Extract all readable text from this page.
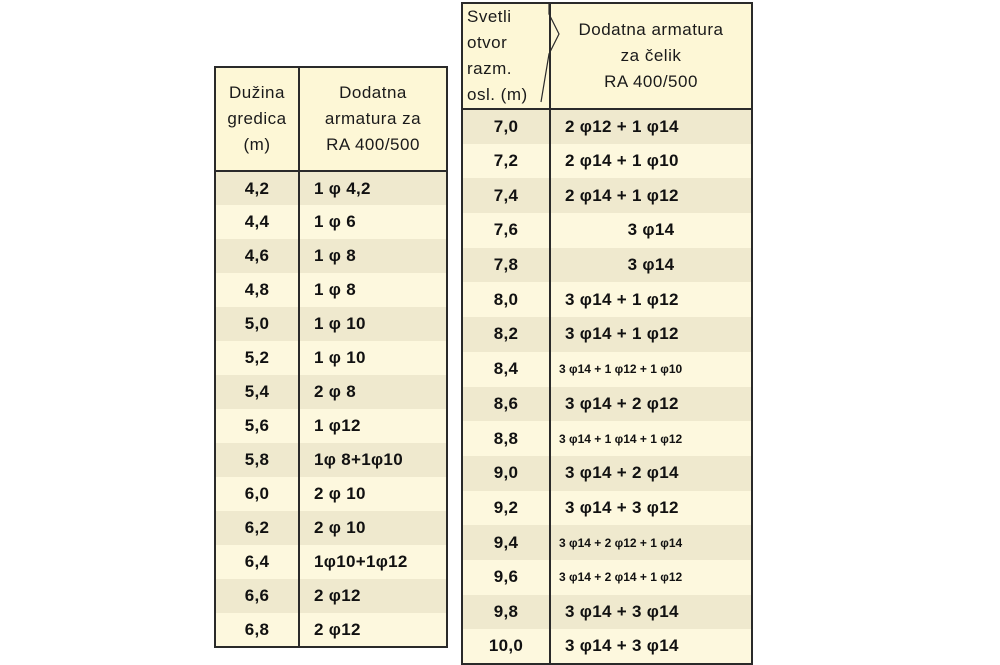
Dužina
gredica
(m)	Dodatna
armatura za
RA 400/500

4,2	1 φ 4,2
4,4	1 φ 6
4,6	1 φ 8
4,8	1 φ 8
5,0	1 φ 10
5,2	1 φ 10
5,4	2 φ 8
5,6	1 φ12
5,8	1φ 8+1φ10
6,0	2 φ 10
6,2	2 φ 10
6,4	1φ10+1φ12
6,6	2 φ12
6,8	2 φ12
Svetli
otvor razm.
osl. (m)	Dodatna armatura
za čelik
RA 400/500

7,0	2 φ12 + 1 φ14
7,2	2 φ14 + 1 φ10
7,4	2 φ14 + 1 φ12
7,6	3 φ14
7,8	3 φ14
8,0	3 φ14 + 1 φ12
8,2	3 φ14 + 1 φ12
8,4	3 φ14 + 1 φ12 + 1 φ10
8,6	3 φ14 + 2 φ12
8,8	3 φ14 + 1 φ14 + 1 φ12
9,0	3 φ14 + 2 φ14
9,2	3 φ14 + 3 φ12
9,4	3 φ14 + 2 φ12 + 1 φ14
9,6	3 φ14 + 2 φ14 + 1 φ12
9,8	3 φ14 + 3 φ14
10,0	3 φ14 + 3 φ14
